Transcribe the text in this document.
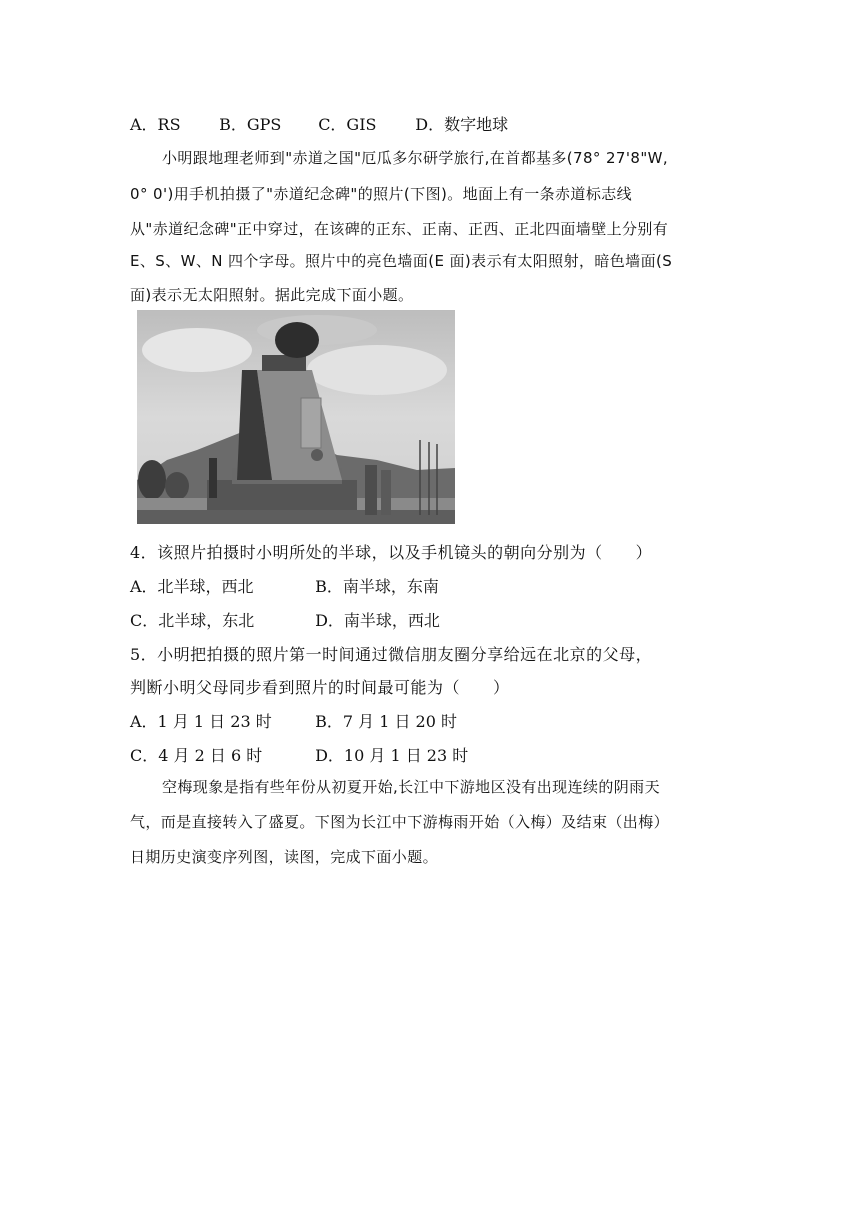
A．RS B．GPS C．GIS D．数字地球
小明跟地理老师到"赤道之国"厄瓜多尔研学旅行,在首都基多(78° 27'8"W,
0° 0')用手机拍摄了"赤道纪念碑"的照片(下图)。地面上有一条赤道标志线
从"赤道纪念碑"正中穿过，在该碑的正东、正南、正西、正北四面墙壁上分别有
E、S、W、N 四个字母。照片中的亮色墙面(E 面)表示有太阳照射，暗色墙面(S
面)表示无太阳照射。据此完成下面小题。
4．该照片拍摄时小明所处的半球，以及手机镜头的朝向分别为（　　）
A．北半球，西北	B．南半球，东南
C．北半球，东北	D．南半球，西北
5．小明把拍摄的照片第一时间通过微信朋友圈分享给远在北京的父母，
判断小明父母同步看到照片的时间最可能为（　　）
A．1 月 1 日 23 时	B．7 月 1 日 20 时
C．4 月 2 日 6 时	D．10 月 1 日 23 时
空梅现象是指有些年份从初夏开始,长江中下游地区没有出现连续的阴雨天
气，而是直接转入了盛夏。下图为长江中下游梅雨开始（入梅）及结束（出梅）
日期历史演变序列图，读图，完成下面小题。
